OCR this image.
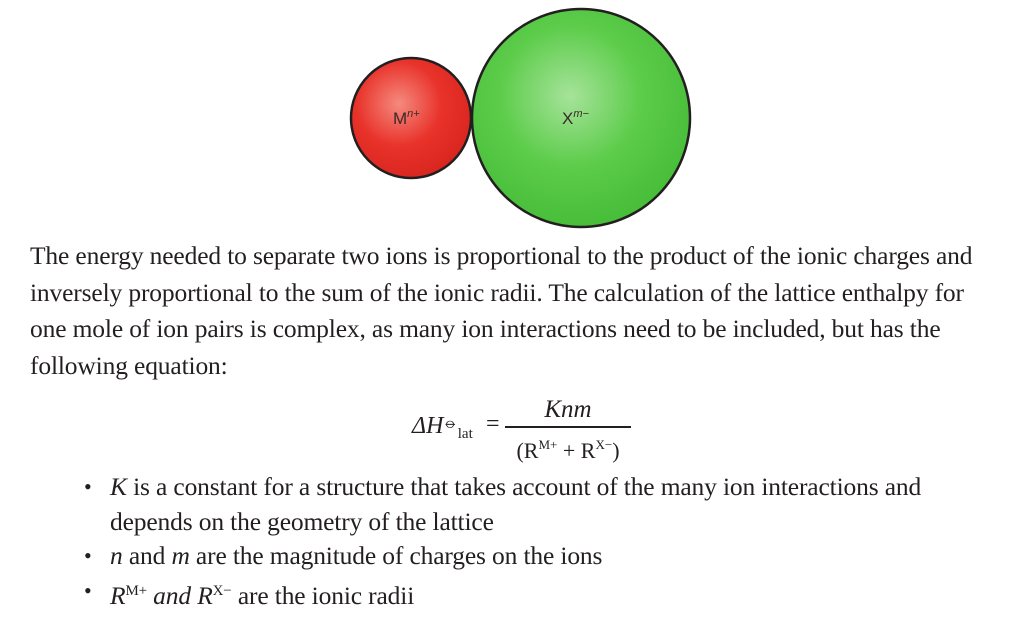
$M^{n+}$	$X^{m-}$

The energy needed to separate two ions is proportional to the product of the ionic charges and inversely proportional to the sum of the ionic radii. The calculation of the lattice enthalpy for one mole of ion pairs is complex, as many ion interactions need to be included, but has the following equation:

$\Delta H^⦵_{lat}$ =
Knm
$(R^{M+} + R^{X-})$
• K is a constant for a structure that takes account of the many ion interactions and depends on the geometry of the lattice
• n and m are the magnitude of charges on the ions
• $R^{M+}$ and $R^{X-}$ are the ionic radii
